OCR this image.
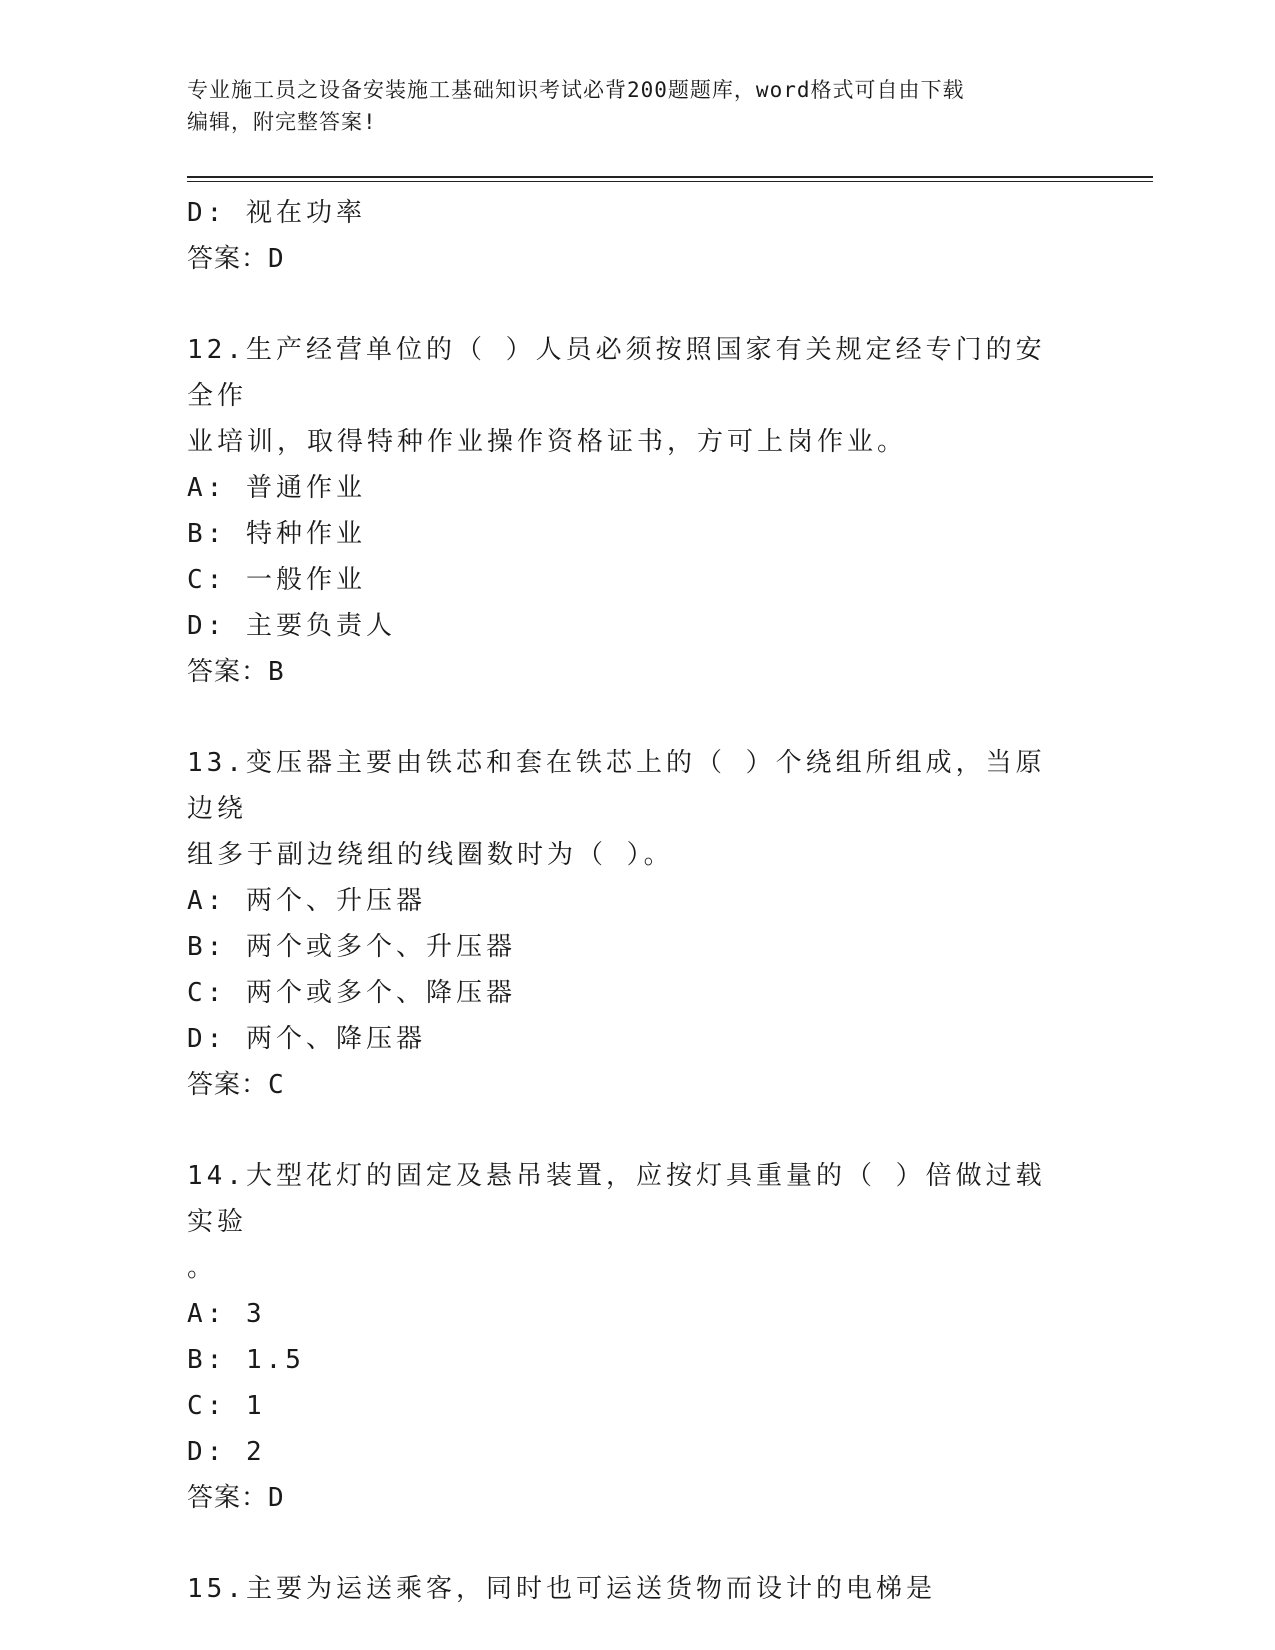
专业施工员之设备安装施工基础知识考试必背200题题库，word格式可自由下载
编辑，附完整答案!
D: 视在功率
答案：D
12.生产经营单位的（ ）人员必须按照国家有关规定经专门的安全作
业培训，取得特种作业操作资格证书，方可上岗作业。
A: 普通作业
B: 特种作业
C: 一般作业
D: 主要负责人
答案：B
13.变压器主要由铁芯和套在铁芯上的（ ）个绕组所组成，当原边绕
组多于副边绕组的线圈数时为（ ）。
A: 两个、升压器
B: 两个或多个、升压器
C: 两个或多个、降压器
D: 两个、降压器
答案：C
14.大型花灯的固定及悬吊装置，应按灯具重量的（ ）倍做过载实验
。
A: 3
B: 1.5
C: 1
D: 2
答案：D
15.主要为运送乘客，同时也可运送货物而设计的电梯是
